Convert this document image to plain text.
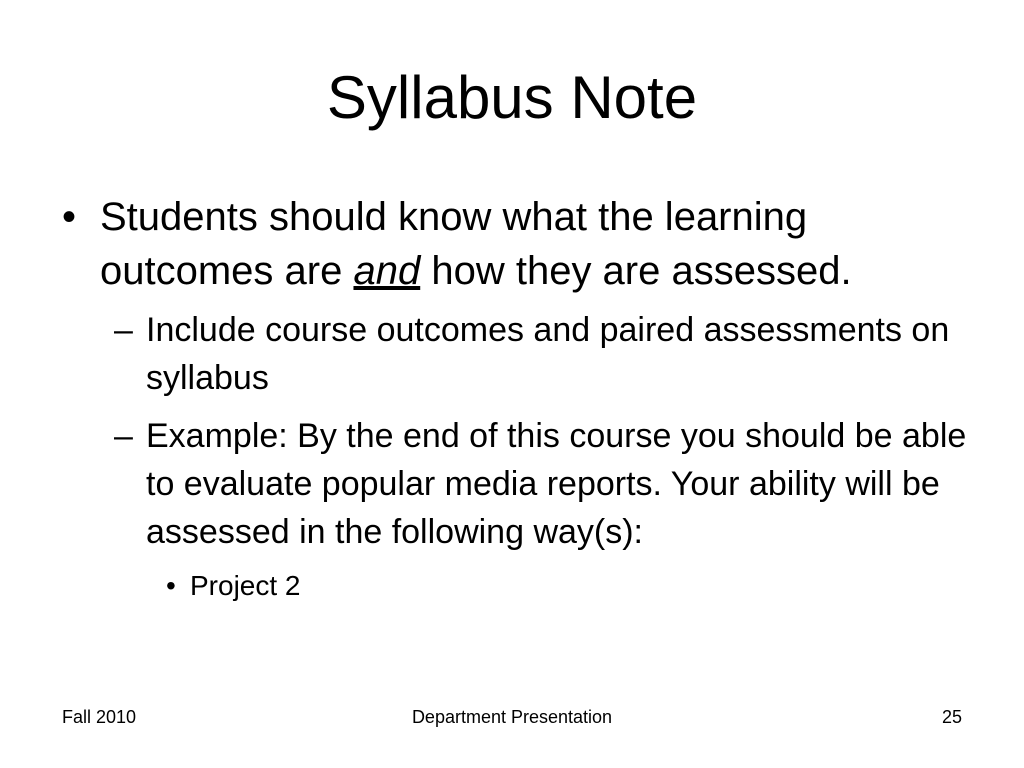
Syllabus Note
• Students should know what the learning outcomes are and how they are assessed.
– Include course outcomes and paired assessments on syllabus
– Example: By the end of this course you should be able to evaluate popular media reports. Your ability will be assessed in the following way(s):
• Project 2
Fall 2010	Department Presentation	25
